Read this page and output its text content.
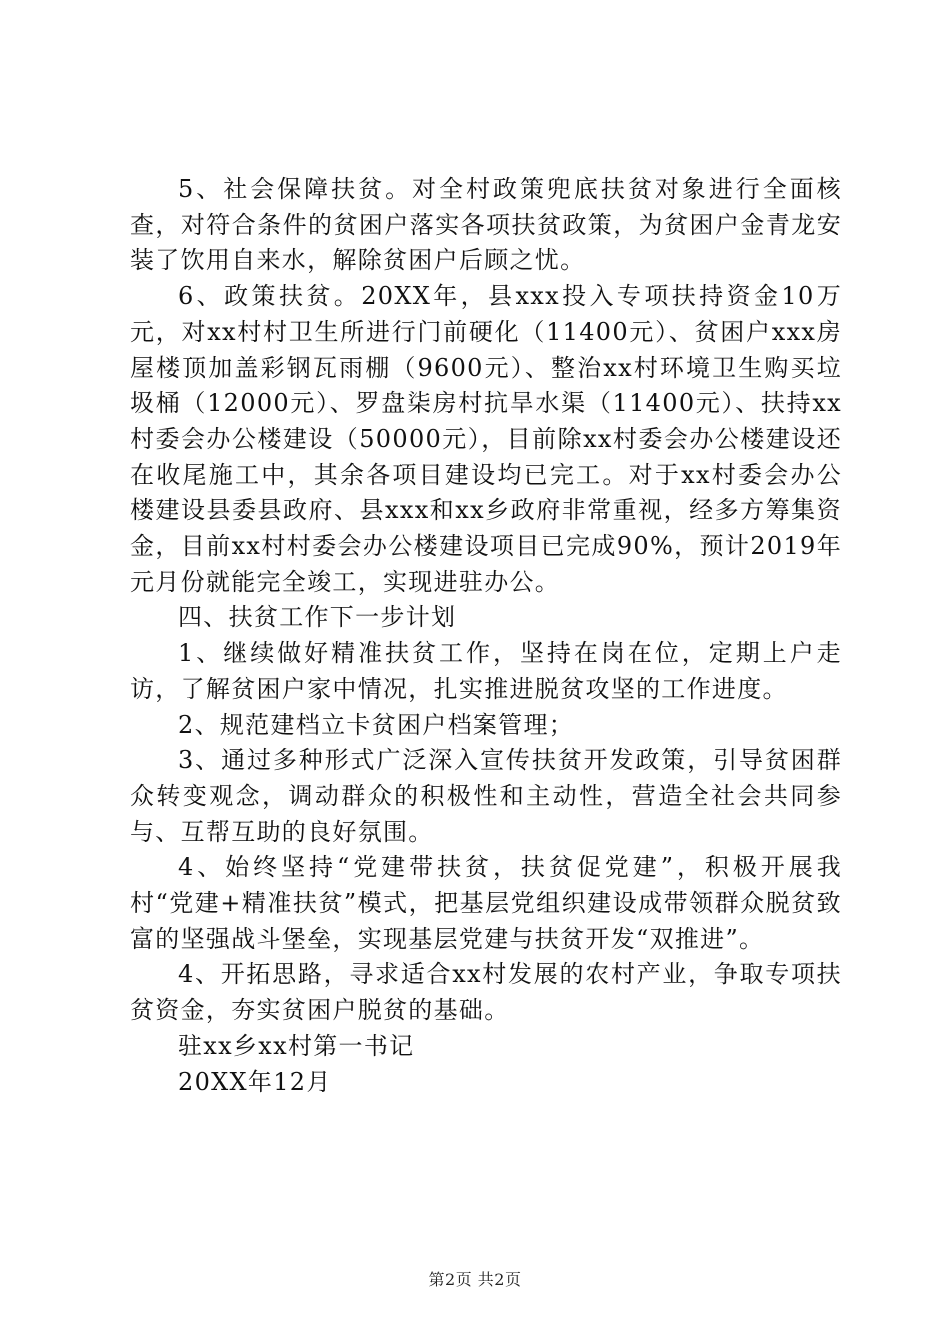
5、社会保障扶贫。对全村政策兜底扶贫对象进行全面核查，对符合条件的贫困户落实各项扶贫政策，为贫困户金青龙安装了饮用自来水，解除贫困户后顾之忧。

6、政策扶贫。20XX年，县xxx投入专项扶持资金10万元，对xx村村卫生所进行门前硬化（11400元）、贫困户xxx房屋楼顶加盖彩钢瓦雨棚（9600元）、整治xx村环境卫生购买垃圾桶（12000元）、罗盘柒房村抗旱水渠（11400元）、扶持xx村委会办公楼建设（50000元），目前除xx村委会办公楼建设还在收尾施工中，其余各项目建设均已完工。对于xx村委会办公楼建设县委县政府、县xxx和xx乡政府非常重视，经多方筹集资金，目前xx村村委会办公楼建设项目已完成90%，预计2019年元月份就能完全竣工，实现进驻办公。

四、扶贫工作下一步计划

1、继续做好精准扶贫工作，坚持在岗在位，定期上户走访，了解贫困户家中情况，扎实推进脱贫攻坚的工作进度。

2、规范建档立卡贫困户档案管理；

3、通过多种形式广泛深入宣传扶贫开发政策，引导贫困群众转变观念，调动群众的积极性和主动性，营造全社会共同参与、互帮互助的良好氛围。

4、始终坚持“党建带扶贫，扶贫促党建”，积极开展我村“党建+精准扶贫”模式，把基层党组织建设成带领群众脱贫致富的坚强战斗堡垒，实现基层党建与扶贫开发“双推进”。

4、开拓思路，寻求适合xx村发展的农村产业，争取专项扶贫资金，夯实贫困户脱贫的基础。

驻xx乡xx村第一书记

20XX年12月

第2页 共2页
